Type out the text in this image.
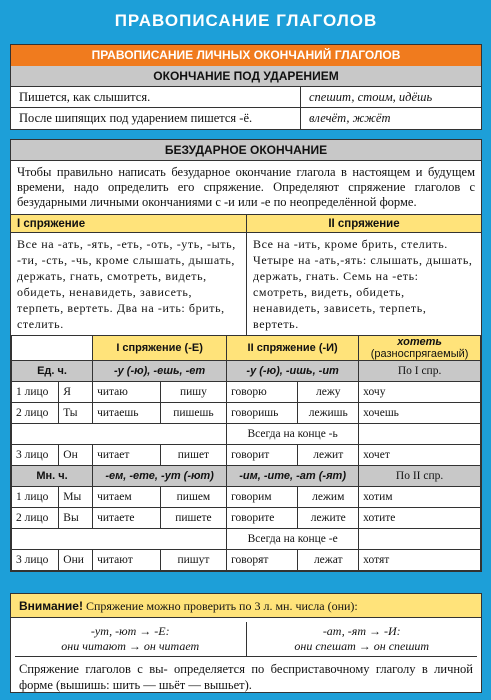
ПРАВОПИСАНИЕ ГЛАГОЛОВ
ПРАВОПИСАНИЕ ЛИЧНЫХ ОКОНЧАНИЙ ГЛАГОЛОВ
ОКОНЧАНИЕ ПОД УДАРЕНИЕМ
Пишется, как слышится.	спешит, стоим, идёшь
После шипящих под ударением пишется -ё.	влечёт, жжёт
БЕЗУДАРНОЕ ОКОНЧАНИЕ
Чтобы правильно написать безударное окончание глагола в настоящем и будущем времени, надо определить его спряжение. Определяют спряжение глаголов с безударными личными окончаниями с -и или -е по неопределённой форме.
I спряжение
Все на -ать, -ять, -еть, -оть, -уть, -ыть, -ти, -сть, -чь, кроме слышать, дышать, держать, гнать, смотреть, видеть, обидеть, ненавидеть, зависеть, терпеть, вертеть. Два на -ить: брить, стелить.
II спряжение
Все на -ить, кроме брить, стелить. Четыре на -ать,-ять: слышать, дышать, держать, гнать. Семь на -еть: смотреть, видеть, обидеть, ненавидеть, зависеть, терпеть, вертеть.
		I спряжение (-Е)		II спряжение (-И)		хотеть
(разноспрягаемый)
Ед. ч.		-у (-ю), -ешь, -ет		-у (-ю), -ишь, -ит		По I спр.
1 лицо	Я	читаю	пишу	говорю	лежу	хочу
2 лицо	Ты	читаешь	пишешь	говоришь	лежишь	хочешь
				Всегда на конце -ь		
3 лицо	Он	читает	пишет	говорит	лежит	хочет
Мн. ч.		-ем, -ете, -ут (-ют)		-им, -ите, -ат (-ят)		По II спр.
1 лицо	Мы	читаем	пишем	говорим	лежим	хотим
2 лицо	Вы	читаете	пишете	говорите	лежите	хотите
				Всегда на конце -е		
3 лицо	Они	читают	пишут	говорят	лежат	хотят
Внимание! Спряжение можно проверить по 3 л. мн. числа (они):
-ут, -ют → -Е:
они читают → он читает
-ат, -ят → -И:
они спешат → он спешит
Спряжение глаголов с вы- определяется по бесприставочному глаголу в личной форме (вышишь: шить — шьёт — вышьет).
